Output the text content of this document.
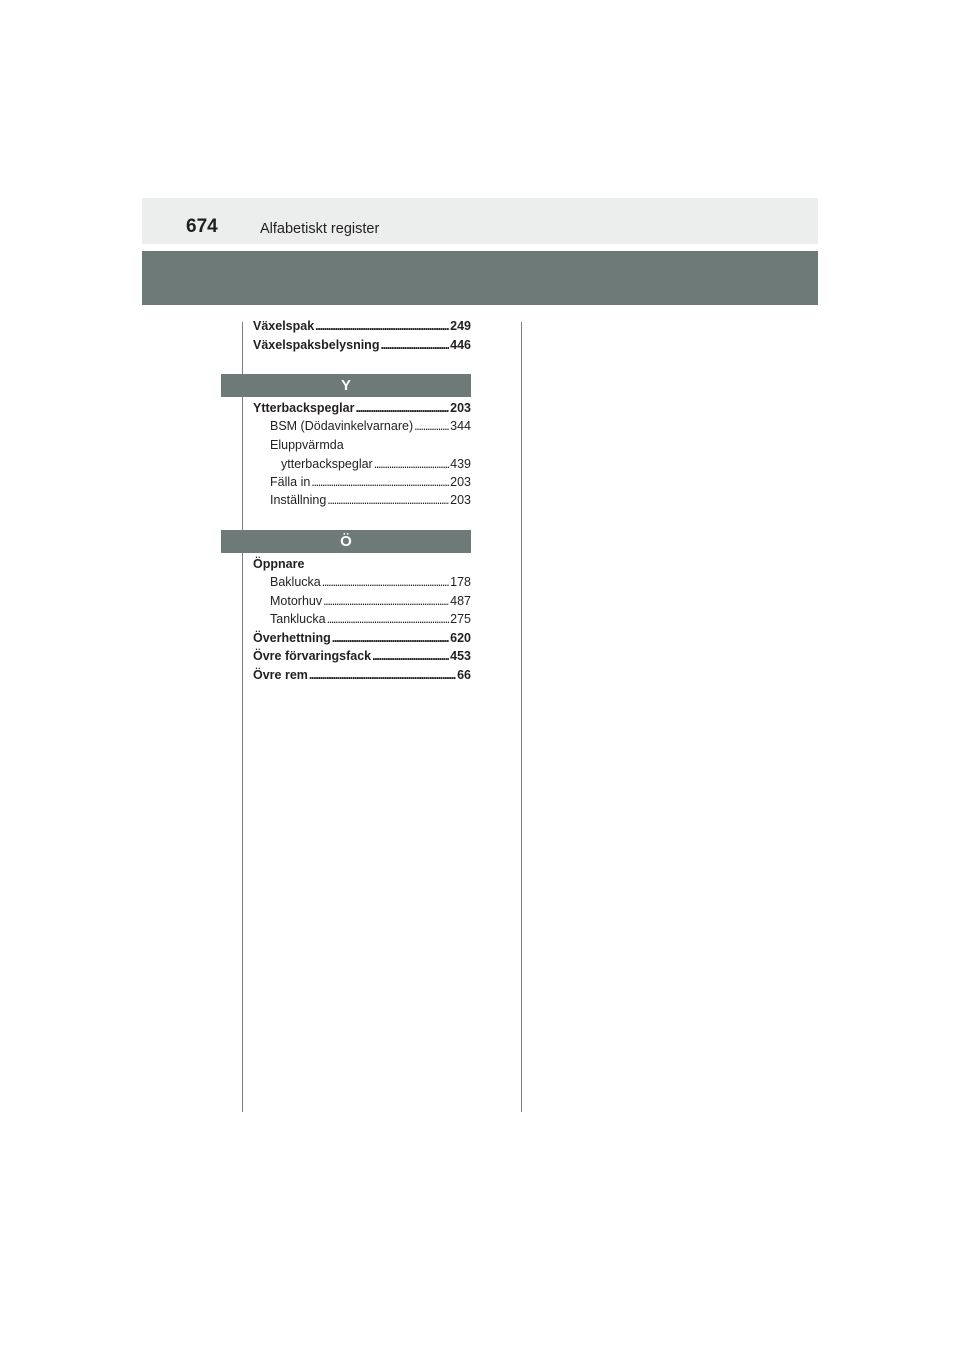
674	Alfabetiskt register
Växelspak . . .	249
Växelspaksbelysning . . .	446
Y
Ytterbackspeglar . . .	203
BSM (Dödavinkelvarnare) . . .	344
Eluppvärmda
ytterbackspeglar . . .	439
Fälla in . . .	203
Inställning . . .	203
Ö
Öppnare
Baklucka . . .	178
Motorhuv . . .	487
Tanklucka . . .	275
Överhettning . . .	620
Övre förvaringsfack . . .	453
Övre rem . . .	66
